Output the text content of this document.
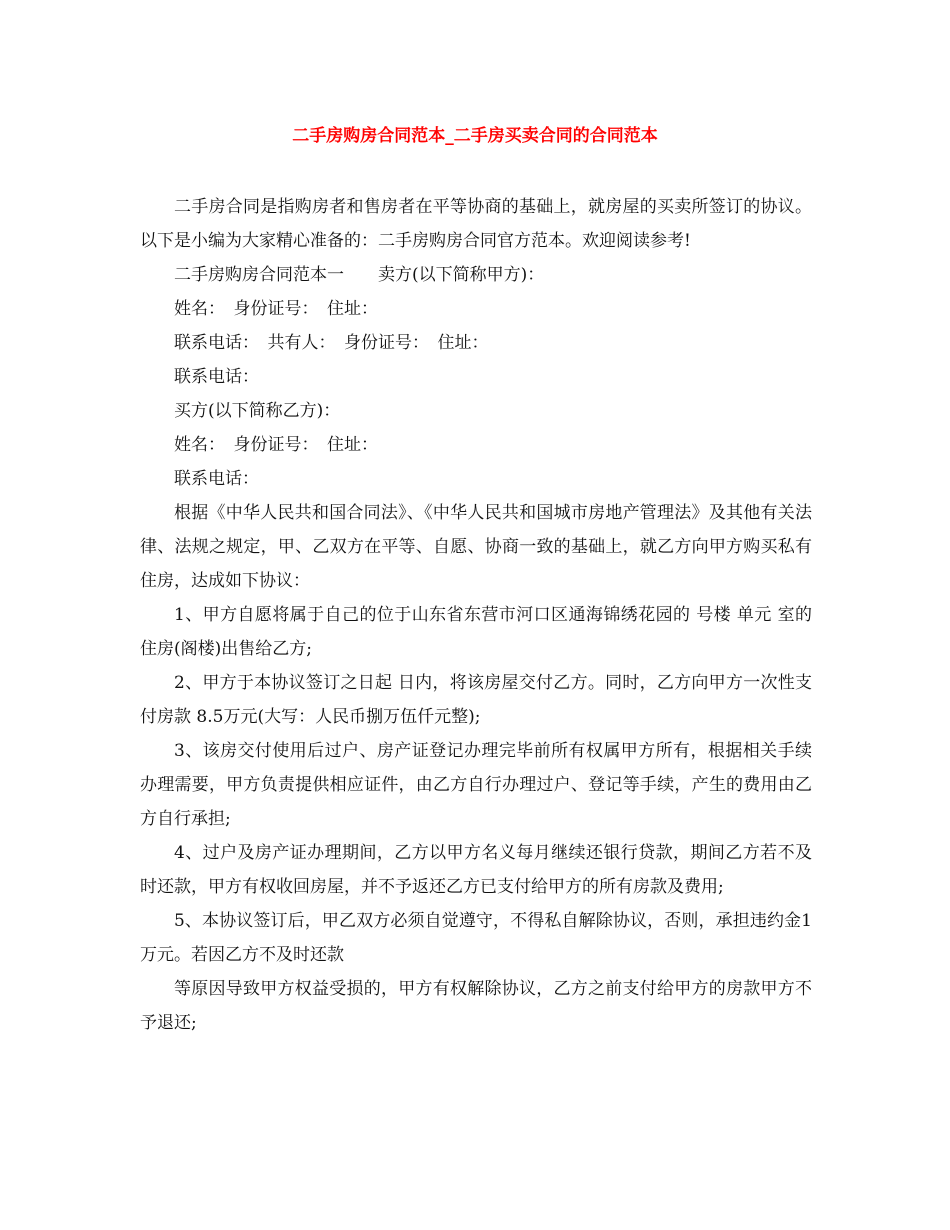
二手房购房合同范本_二手房买卖合同的合同范本

二手房合同是指购房者和售房者在平等协商的基础上，就房屋的买卖所签订的协议。以下是小编为大家精心准备的：二手房购房合同官方范本。欢迎阅读参考!

二手房购房合同范本一　　卖方(以下简称甲方)：

姓名：　身份证号：　住址：

联系电话：　共有人：　身份证号：　住址：

联系电话：

买方(以下简称乙方)：

姓名：　身份证号：　住址：

联系电话：

根据《中华人民共和国合同法》、《中华人民共和国城市房地产管理法》及其他有关法律、法规之规定，甲、乙双方在平等、自愿、协商一致的基础上，就乙方向甲方购买私有住房，达成如下协议：

1、甲方自愿将属于自己的位于山东省东营市河口区通海锦绣花园的 号楼 单元 室的住房(阁楼)出售给乙方;

2、甲方于本协议签订之日起 日内，将该房屋交付乙方。同时，乙方向甲方一次性支付房款 8.5万元(大写：人民币捌万伍仟元整);

3、该房交付使用后过户、房产证登记办理完毕前所有权属甲方所有，根据相关手续办理需要，甲方负责提供相应证件，由乙方自行办理过户、登记等手续，产生的费用由乙方自行承担;

4、过户及房产证办理期间，乙方以甲方名义每月继续还银行贷款，期间乙方若不及时还款，甲方有权收回房屋，并不予返还乙方已支付给甲方的所有房款及费用;

5、本协议签订后，甲乙双方必须自觉遵守，不得私自解除协议，否则，承担违约金1万元。若因乙方不及时还款

等原因导致甲方权益受损的，甲方有权解除协议，乙方之前支付给甲方的房款甲方不予退还;
